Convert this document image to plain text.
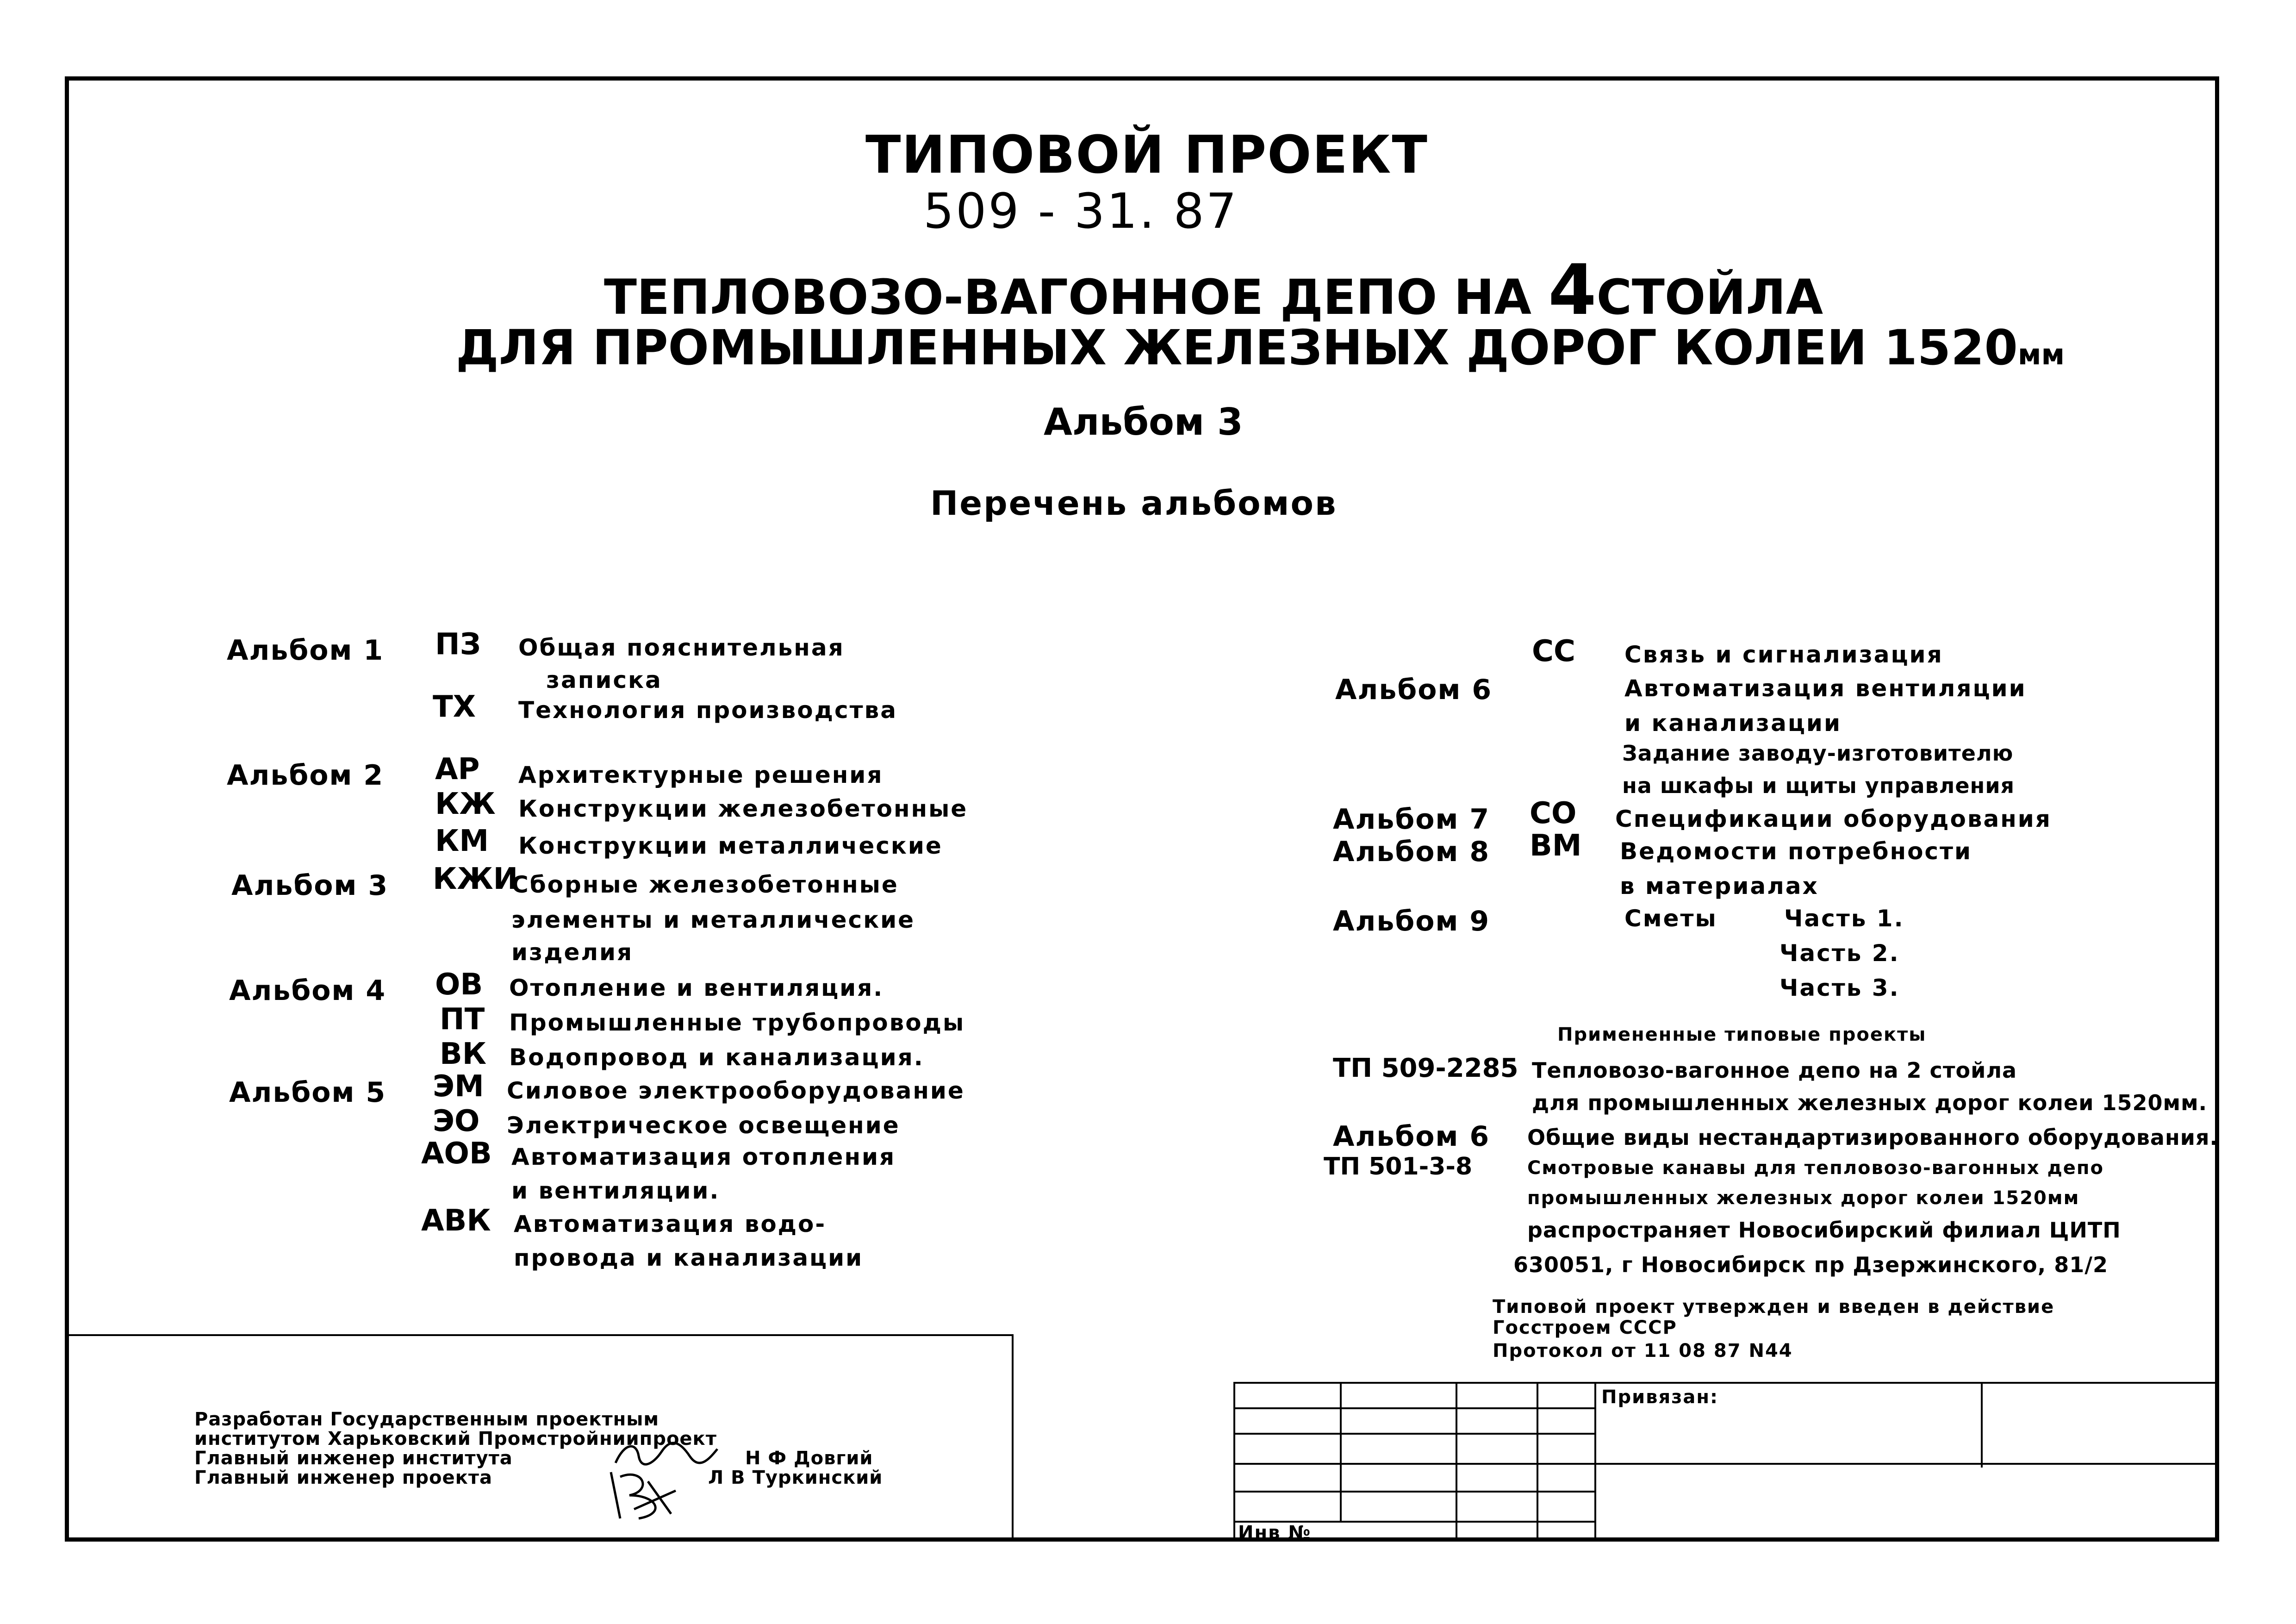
ТИПОВОЙ ПРОЕКТ
509 - 31. 87
ТЕПЛОВОЗО-ВАГОННОЕ ДЕПО НА 4СТОЙЛА
ДЛЯ ПРОМЫШЛЕННЫХ ЖЕЛЕЗНЫХ ДОРОГ КОЛЕИ 1520мм
Альбом 3
Перечень альбомов
Альбом 1 ПЗ Общая пояснительная
записка
ТХ Технология производства
Альбом 2 АР Архитектурные решения
КЖ Конструкции железобетонные
КМ Конструкции металлические
Альбом 3 КЖИ
Сборные железобетонные
элементы и металлические
изделия
Альбом 4 ОВ Отопление и вентиляция.
ПТ Промышленные трубопроводы
ВК Водопровод и канализация.
Альбом 5 ЭМ Силовое электрооборудование
ЭО Электрическое освещение
АОВ Автоматизация отопления
и вентиляции.
АВК Автоматизация водо-
провода и канализации
СС Связь и сигнализация
Альбом 6	Автоматизация вентиляции
и канализации
Задание заводу-изготовителю
на шкафы и щиты управления
Альбом 7 СО Спецификации оборудования
Альбом 8 ВМ Ведомости потребности
в материалах
Альбом 9	Сметы	Часть 1.
Часть 2.
Часть 3.
Примененные типовые проекты
ТП 509-2285 Тепловозо-вагонное депо на 2 стойла
для промышленных железных дорог колеи 1520мм.
Альбом 6 Общие виды нестандартизированного оборудования.
ТП 501-3-8	Смотровые канавы для тепловозо-вагонных депо
промышленных железных дорог колеи 1520мм
распространяет Новосибирский филиал ЦИТП
630051, г Новосибирск пр Дзержинского, 81/2
Типовой проект утвержден и введен в действие
Госстроем СССР
Протокол от 11 08 87 N44
Разработан Государственным проектным
институтом Харьковский Промстройниипроект
Главный инженер института	Н Ф Довгий
Главный инженер проекта	Л В Туркинский
Привязан:
Инв №
